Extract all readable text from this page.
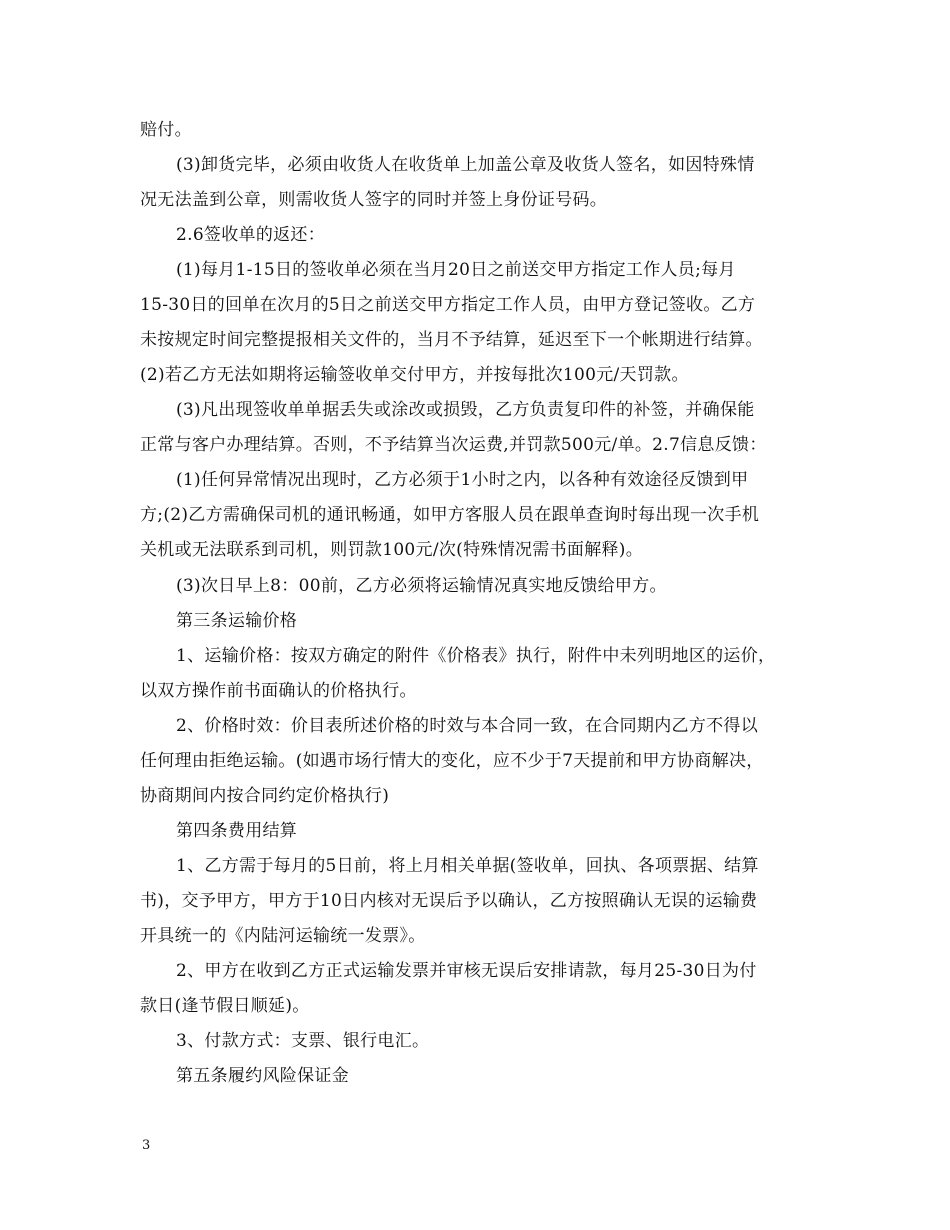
赔付。
(3)卸货完毕，必须由收货人在收货单上加盖公章及收货人签名，如因特殊情
况无法盖到公章，则需收货人签字的同时并签上身份证号码。
2.6签收单的返还：
(1)每月1-15日的签收单必须在当月20日之前送交甲方指定工作人员;每月
15-30日的回单在次月的5日之前送交甲方指定工作人员，由甲方登记签收。乙方
未按规定时间完整提报相关文件的，当月不予结算，延迟至下一个帐期进行结算。
(2)若乙方无法如期将运输签收单交付甲方，并按每批次100元/天罚款。
(3)凡出现签收单单据丢失或涂改或损毁，乙方负责复印件的补签，并确保能
正常与客户办理结算。否则，不予结算当次运费,并罚款500元/单。2.7信息反馈：
(1)任何异常情况出现时，乙方必须于1小时之内，以各种有效途径反馈到甲
方;(2)乙方需确保司机的通讯畅通，如甲方客服人员在跟单查询时每出现一次手机
关机或无法联系到司机，则罚款100元/次(特殊情况需书面解释)。
(3)次日早上8：00前，乙方必须将运输情况真实地反馈给甲方。
第三条运输价格
1、运输价格：按双方确定的附件《价格表》执行，附件中未列明地区的运价，
以双方操作前书面确认的价格执行。
2、价格时效：价目表所述价格的时效与本合同一致，在合同期内乙方不得以
任何理由拒绝运输。(如遇市场行情大的变化，应不少于7天提前和甲方协商解决，
协商期间内按合同约定价格执行)
第四条费用结算
1、乙方需于每月的5日前，将上月相关单据(签收单，回执、各项票据、结算
书)，交予甲方，甲方于10日内核对无误后予以确认，乙方按照确认无误的运输费
开具统一的《内陆河运输统一发票》。
2、甲方在收到乙方正式运输发票并审核无误后安排请款，每月25-30日为付
款日(逢节假日顺延)。
3、付款方式：支票、银行电汇。
第五条履约风险保证金
3
